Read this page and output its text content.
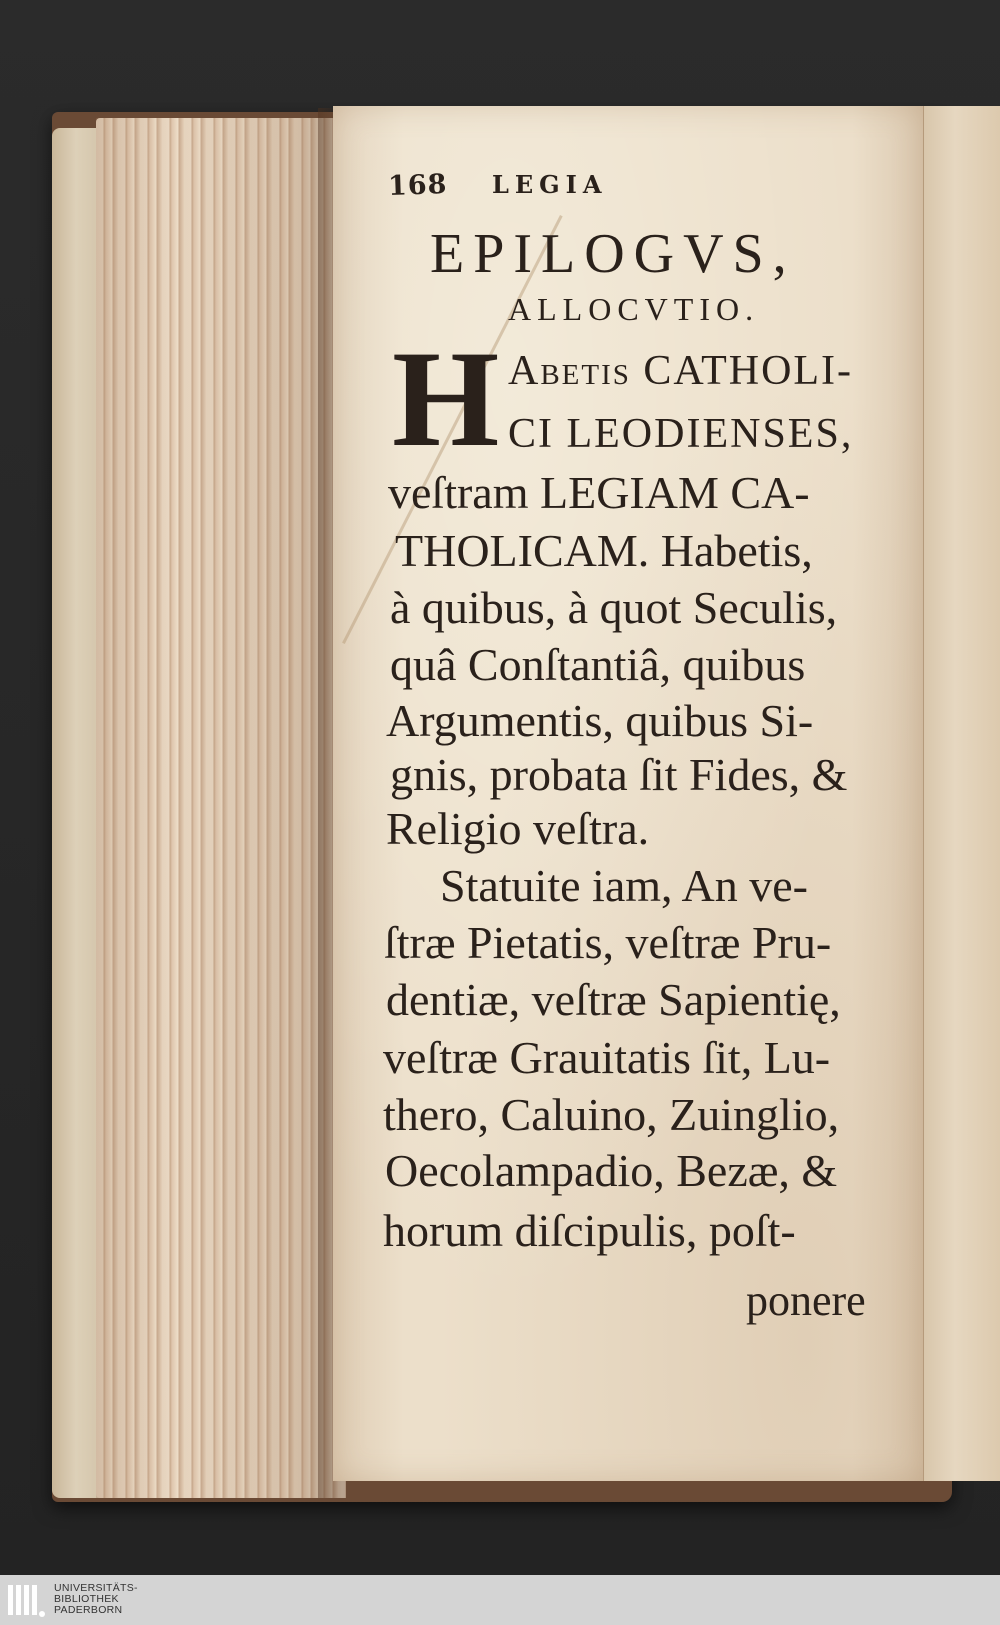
168 LEGIA
EPILOGVS,
ALLOCVTIO.
H Abetis CATHOLI-
CI LEODIENSES,
veſtram LEGIAM CA-
THOLICAM. Habetis,
à quibus, à quot Seculis,
quâ Conſtantiâ, quibus
Argumentis, quibus Si-
gnis, probata ſit Fides, &
Religio veſtra.
Statuite iam, An ve-
ſtræ Pietatis, veſtræ Pru-
dentiæ, veſtræ Sapientię,
veſtræ Grauitatis ſit, Lu-
thero, Caluino, Zuinglio,
Oecolampadio, Bezæ, &
horum diſcipulis, poſt-
ponere
UNIVERSITÄTS-
BIBLIOTHEK
PADERBORN
